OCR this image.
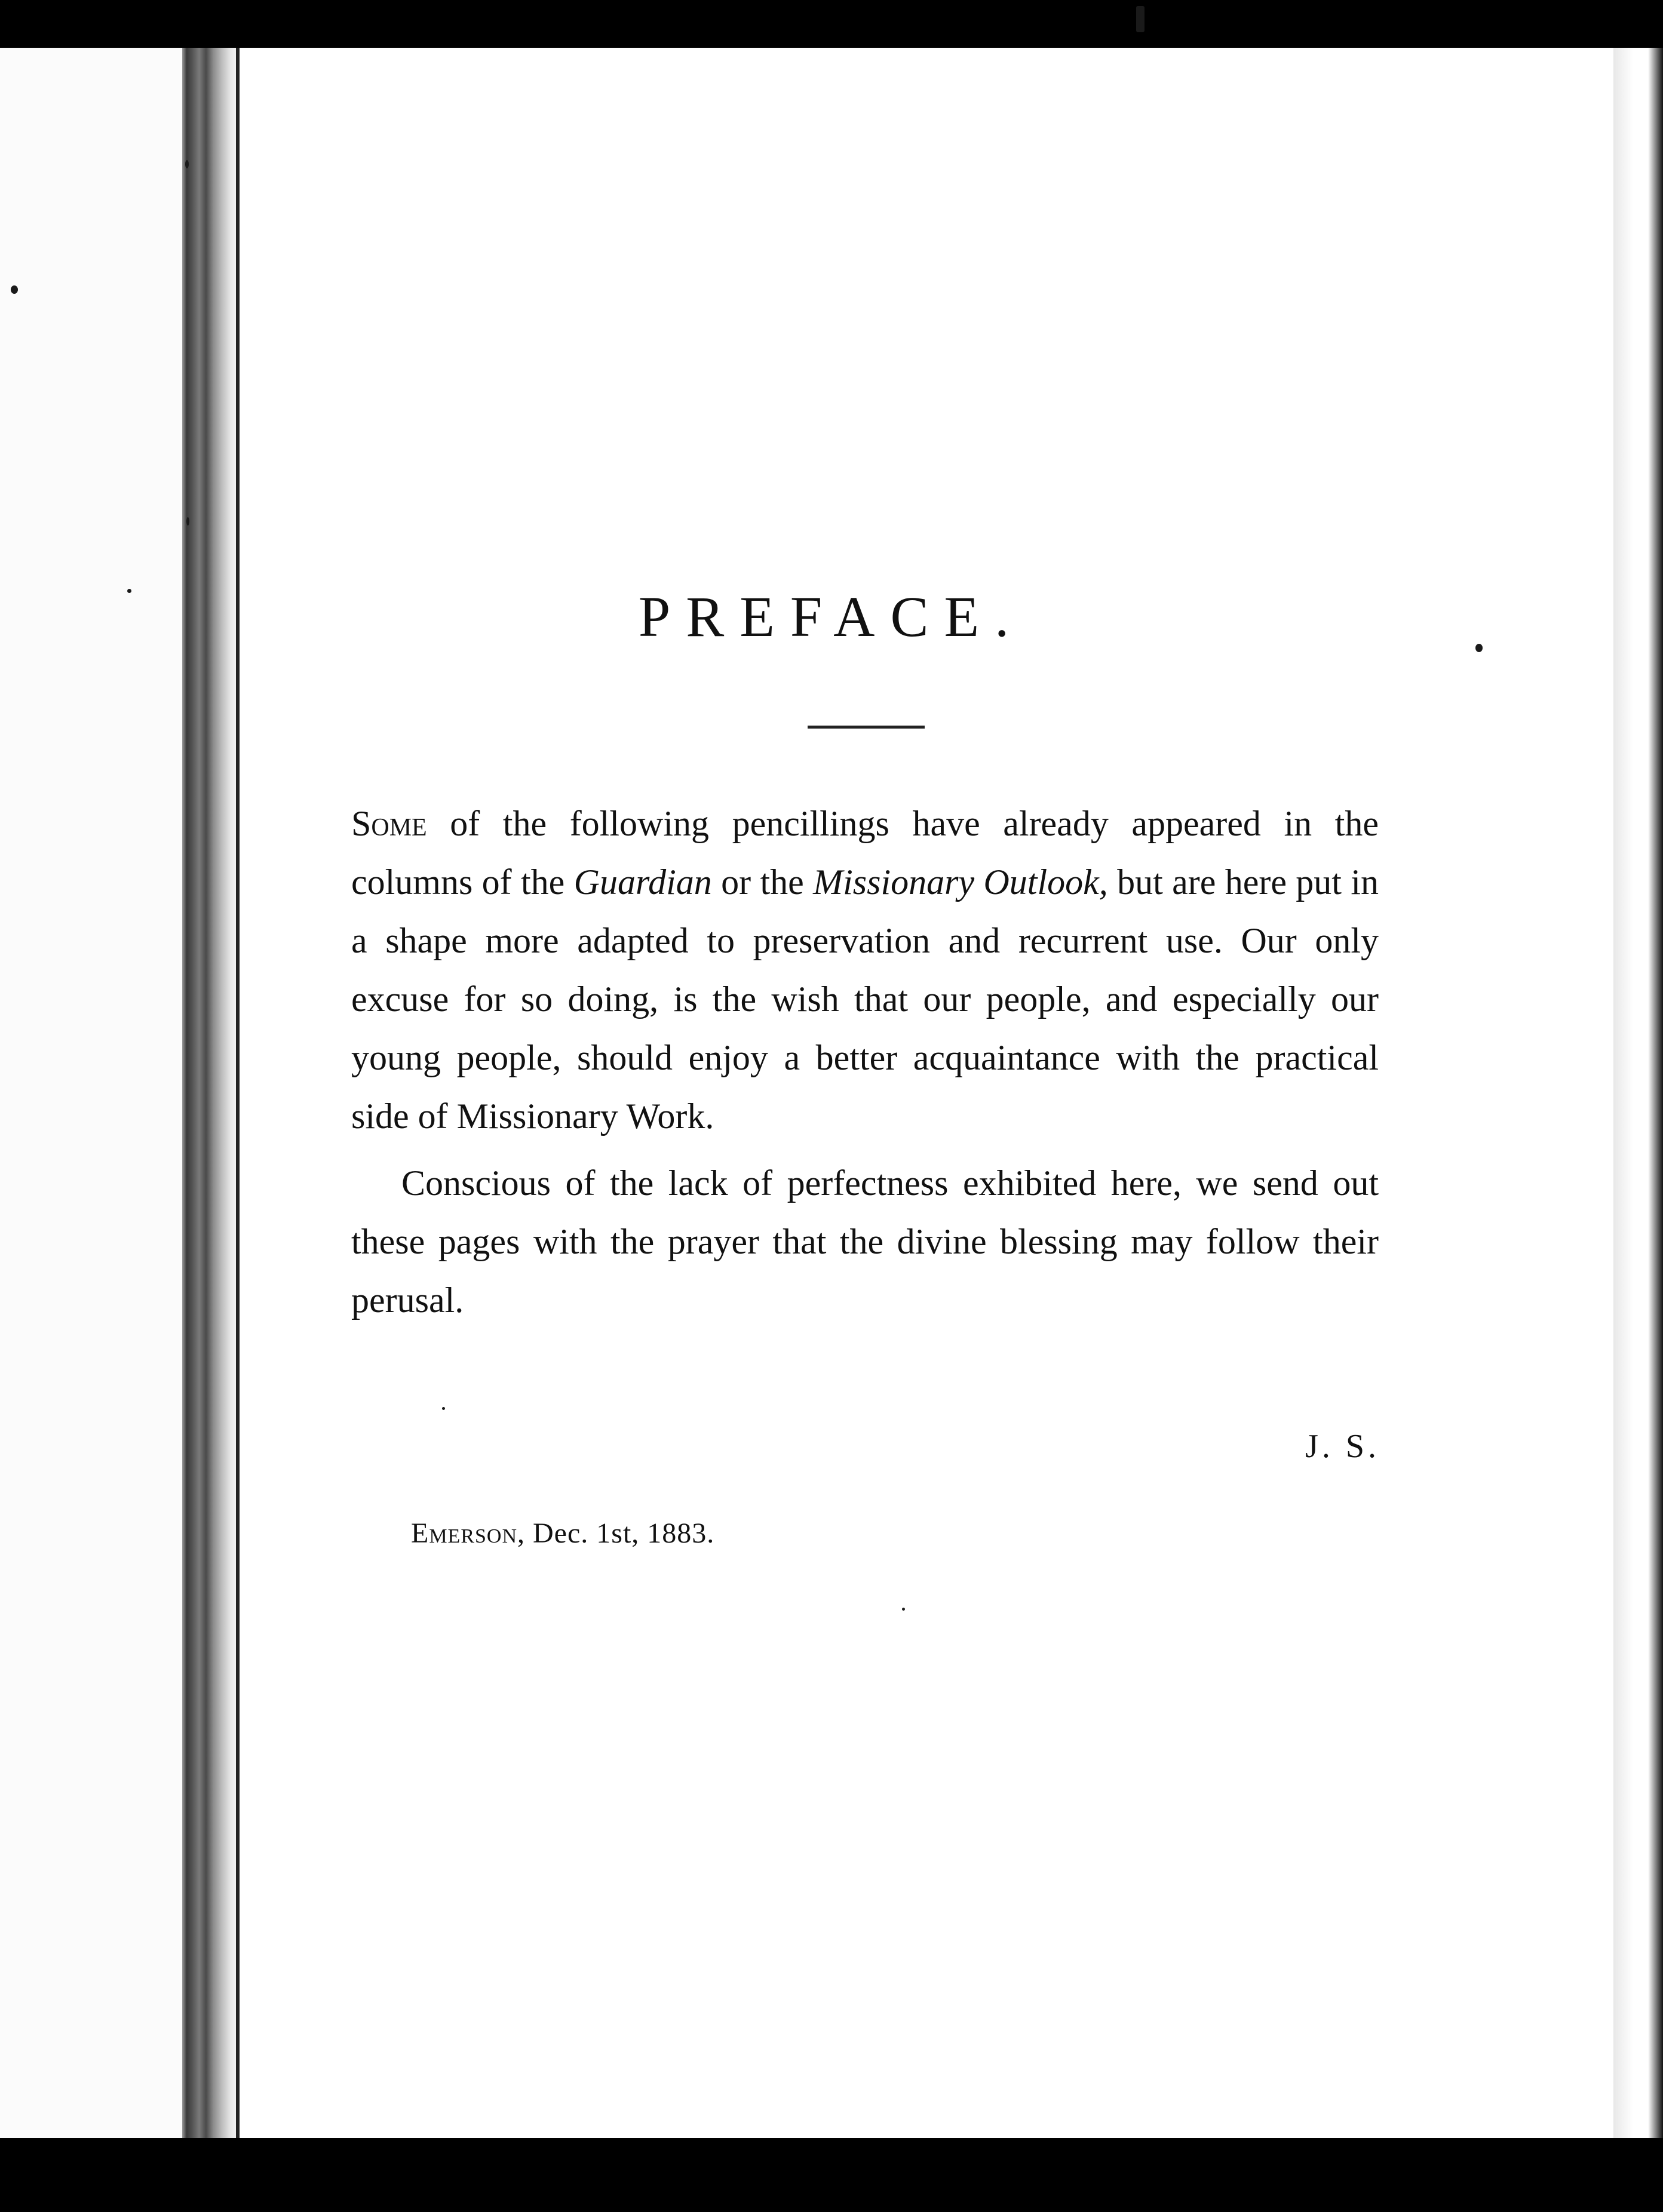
PREFACE.

Some of the following pencillings have already appeared in the columns of the Guardian or the Missionary Outlook, but are here put in a shape more adapted to preservation and recurrent use. Our only excuse for so doing, is the wish that our people, and especially our young people, should enjoy a better acquaintance with the practical side of Missionary Work.

Conscious of the lack of perfectness exhibited here, we send out these pages with the prayer that the divine blessing may follow their perusal.

J. S.
Emerson, Dec. 1st, 1883.
